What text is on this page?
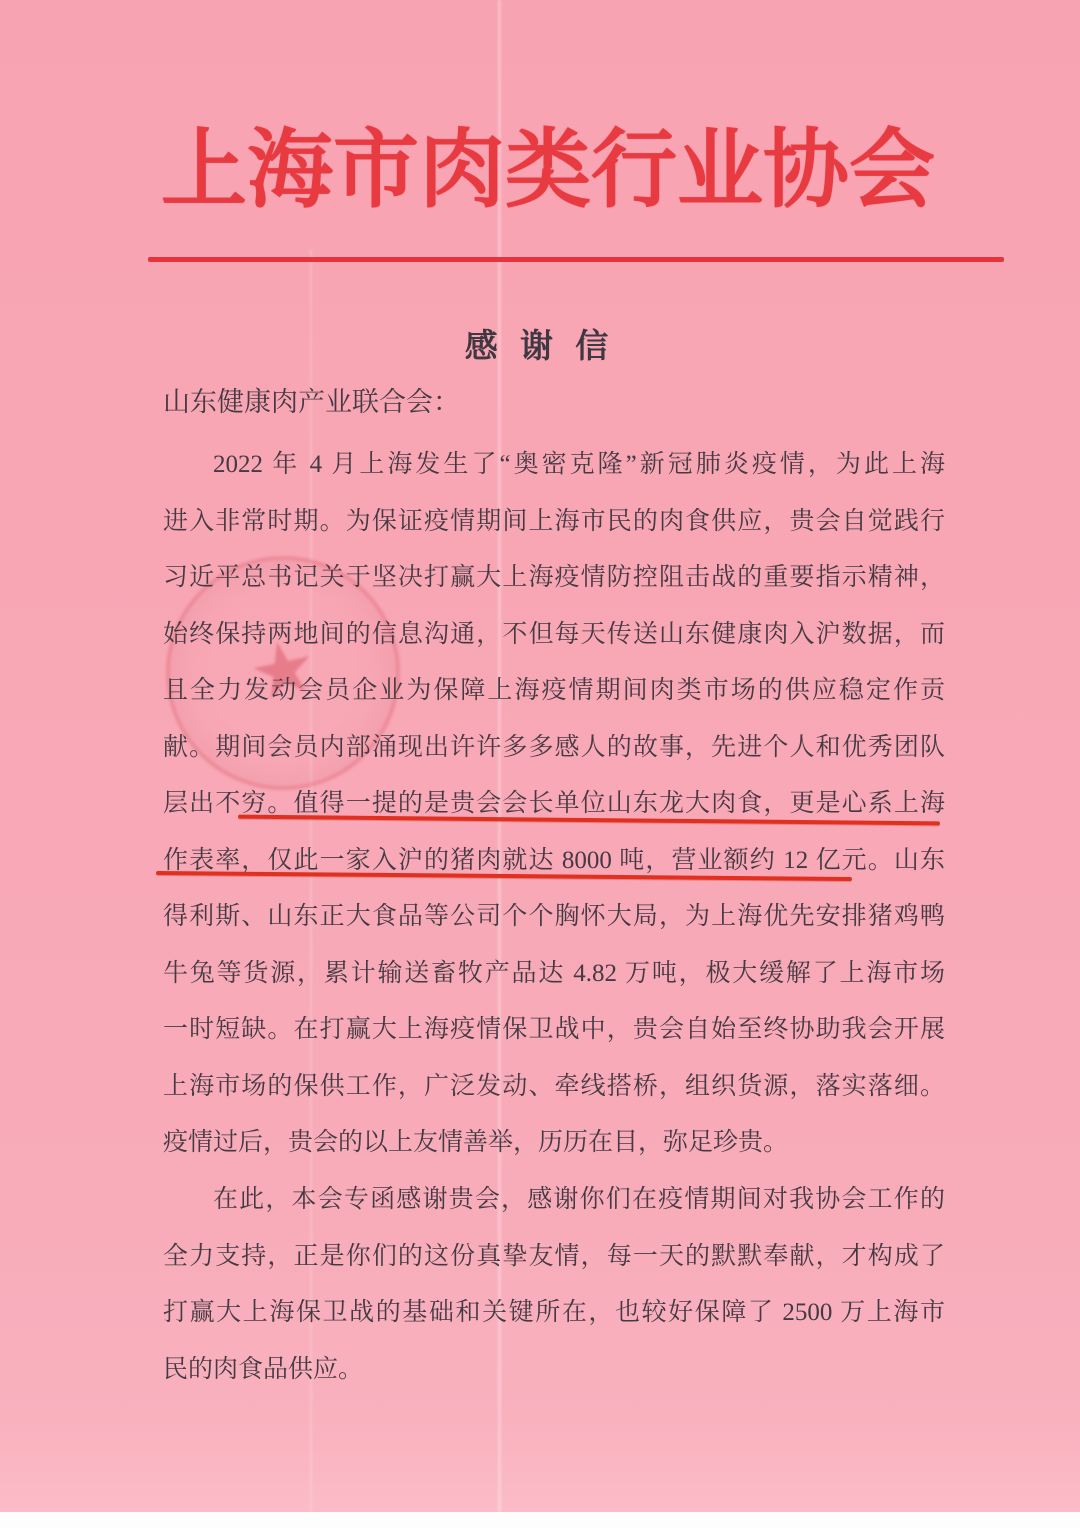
★
上海市肉类行业协会
感 谢 信
山东健康肉产业联合会：
2022 年 4 月上海发生了“奥密克隆”新冠肺炎疫情，为此上海
进入非常时期。为保证疫情期间上海市民的肉食供应，贵会自觉践行
习近平总书记关于坚决打赢大上海疫情防控阻击战的重要指示精神，
始终保持两地间的信息沟通，不但每天传送山东健康肉入沪数据，而
且全力发动会员企业为保障上海疫情期间肉类市场的供应稳定作贡
献。期间会员内部涌现出许许多多感人的故事，先进个人和优秀团队
层出不穷。值得一提的是贵会会长单位山东龙大肉食，更是心系上海
作表率，仅此一家入沪的猪肉就达 8000 吨，营业额约 12 亿元。山东
得利斯、山东正大食品等公司个个胸怀大局，为上海优先安排猪鸡鸭
牛兔等货源，累计输送畜牧产品达 4.82 万吨，极大缓解了上海市场
一时短缺。在打赢大上海疫情保卫战中，贵会自始至终协助我会开展
上海市场的保供工作，广泛发动、牵线搭桥，组织货源，落实落细。
疫情过后，贵会的以上友情善举，历历在目，弥足珍贵。
在此，本会专函感谢贵会，感谢你们在疫情期间对我协会工作的
全力支持，正是你们的这份真挚友情，每一天的默默奉献，才构成了
打赢大上海保卫战的基础和关键所在，也较好保障了 2500 万上海市
民的肉食品供应。
